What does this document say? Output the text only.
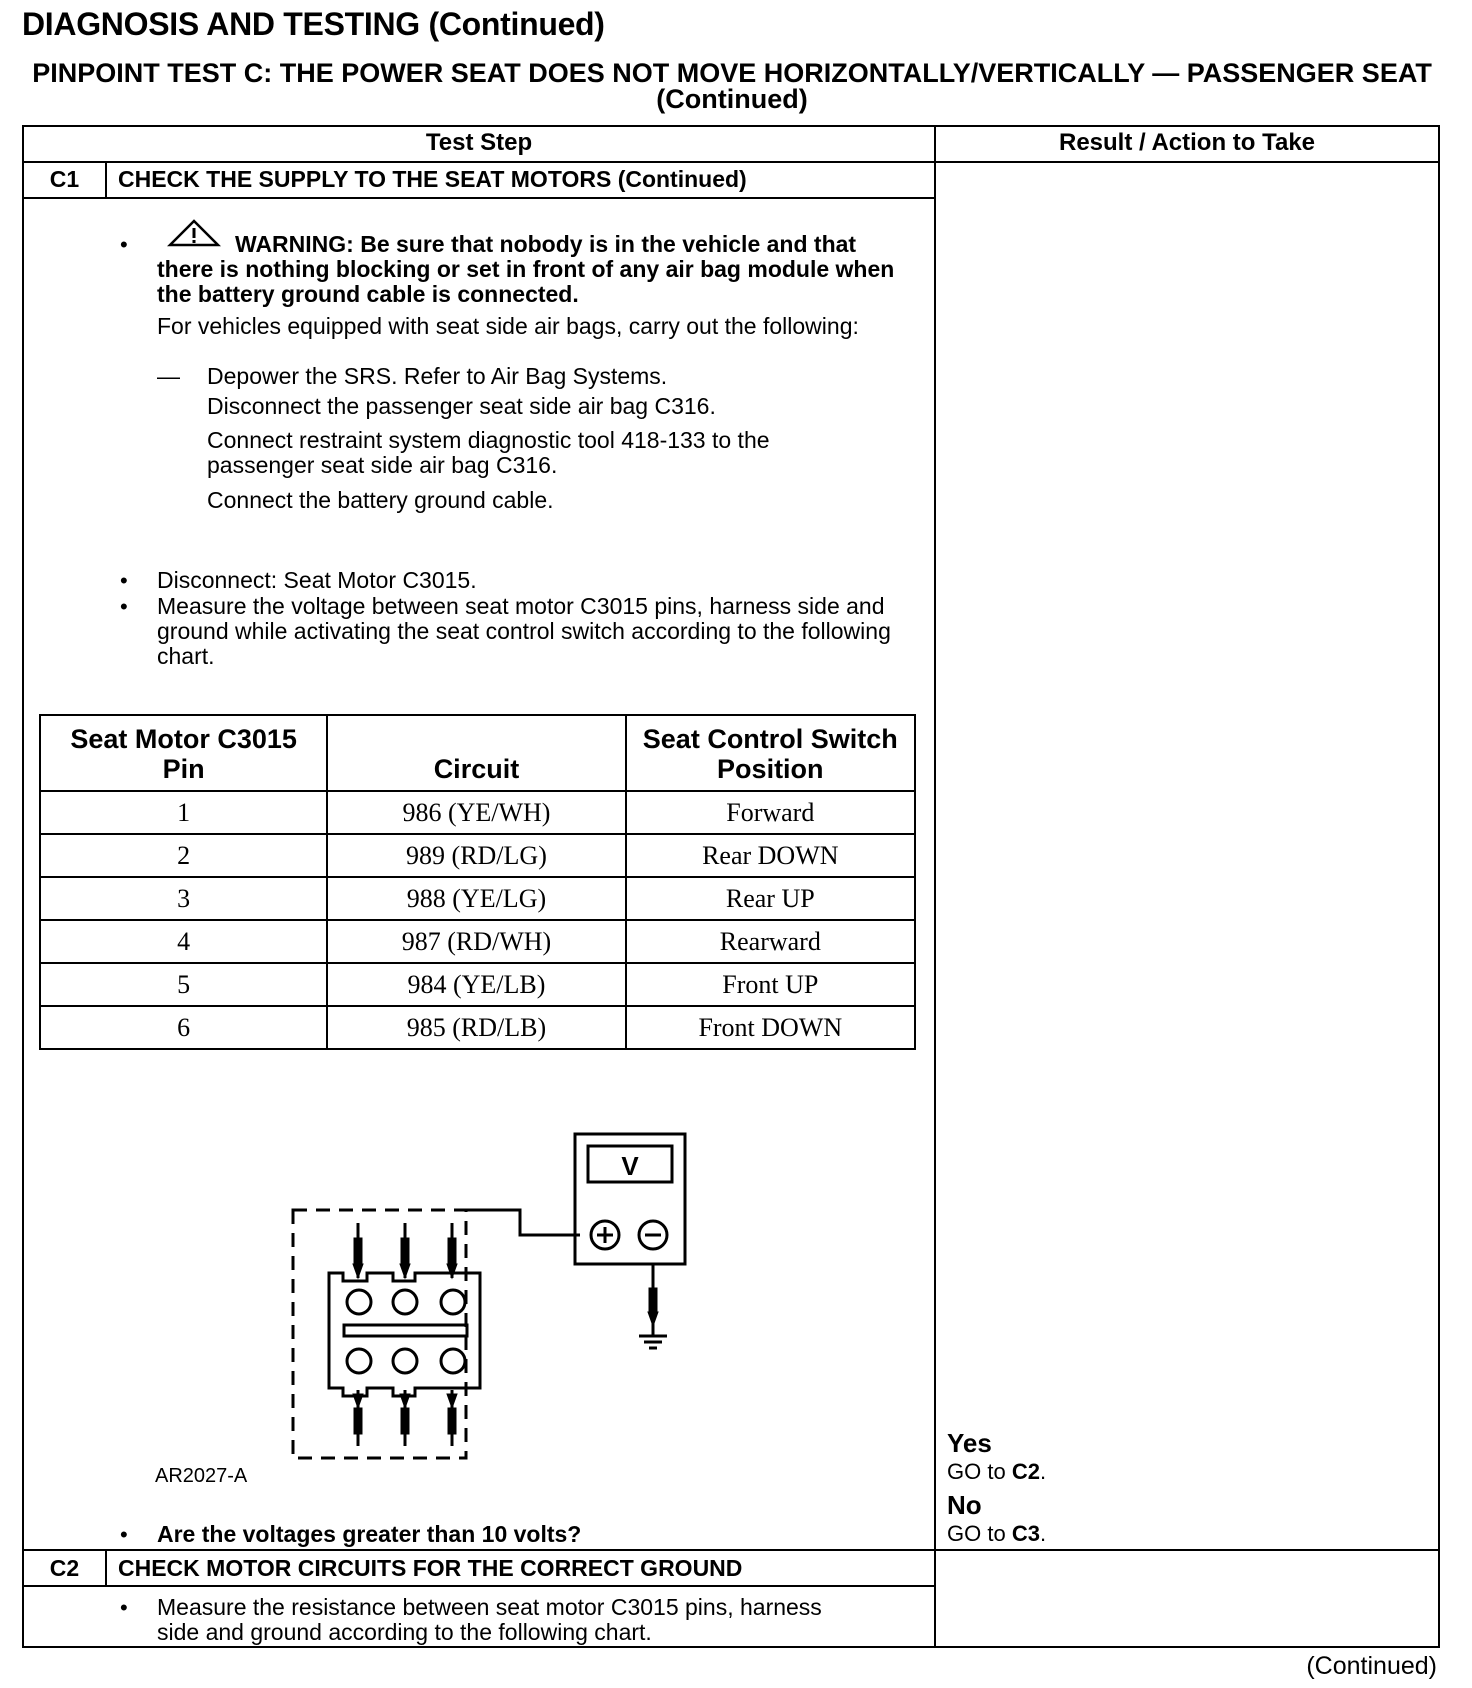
DIAGNOSIS AND TESTING (Continued)
PINPOINT TEST C: THE POWER SEAT DOES NOT MOVE HORIZONTALLY/VERTICALLY — PASSENGER SEAT (Continued)
Test Step	Result / Action to Take
C1	CHECK THE SUPPLY TO THE SEAT MOTORS (Continued)
•	WARNING: Be sure that nobody is in the vehicle and that there is nothing blocking or set in front of any air bag module when the battery ground cable is connected.
For vehicles equipped with seat side air bags, carry out the following:
— Depower the SRS. Refer to Air Bag Systems.
Disconnect the passenger seat side air bag C316.
Connect restraint system diagnostic tool 418-133 to the passenger seat side air bag C316.
Connect the battery ground cable.
• Disconnect: Seat Motor C3015.
• Measure the voltage between seat motor C3015 pins, harness side and ground while activating the seat control switch according to the following chart.
Seat Motor C3015 Pin	Circuit	Seat Control Switch Position
1	986 (YE/WH)	Forward
2	989 (RD/LG)	Rear DOWN
3	988 (YE/LG)	Rear UP
4	987 (RD/WH)	Rearward
5	984 (YE/LB)	Front UP
6	985 (RD/LB)	Front DOWN
V
AR2027-A
• Are the voltages greater than 10 volts?
Yes
GO to C2.
No
GO to C3.
C2	CHECK MOTOR CIRCUITS FOR THE CORRECT GROUND
• Measure the resistance between seat motor C3015 pins, harness side and ground according to the following chart.
(Continued)
